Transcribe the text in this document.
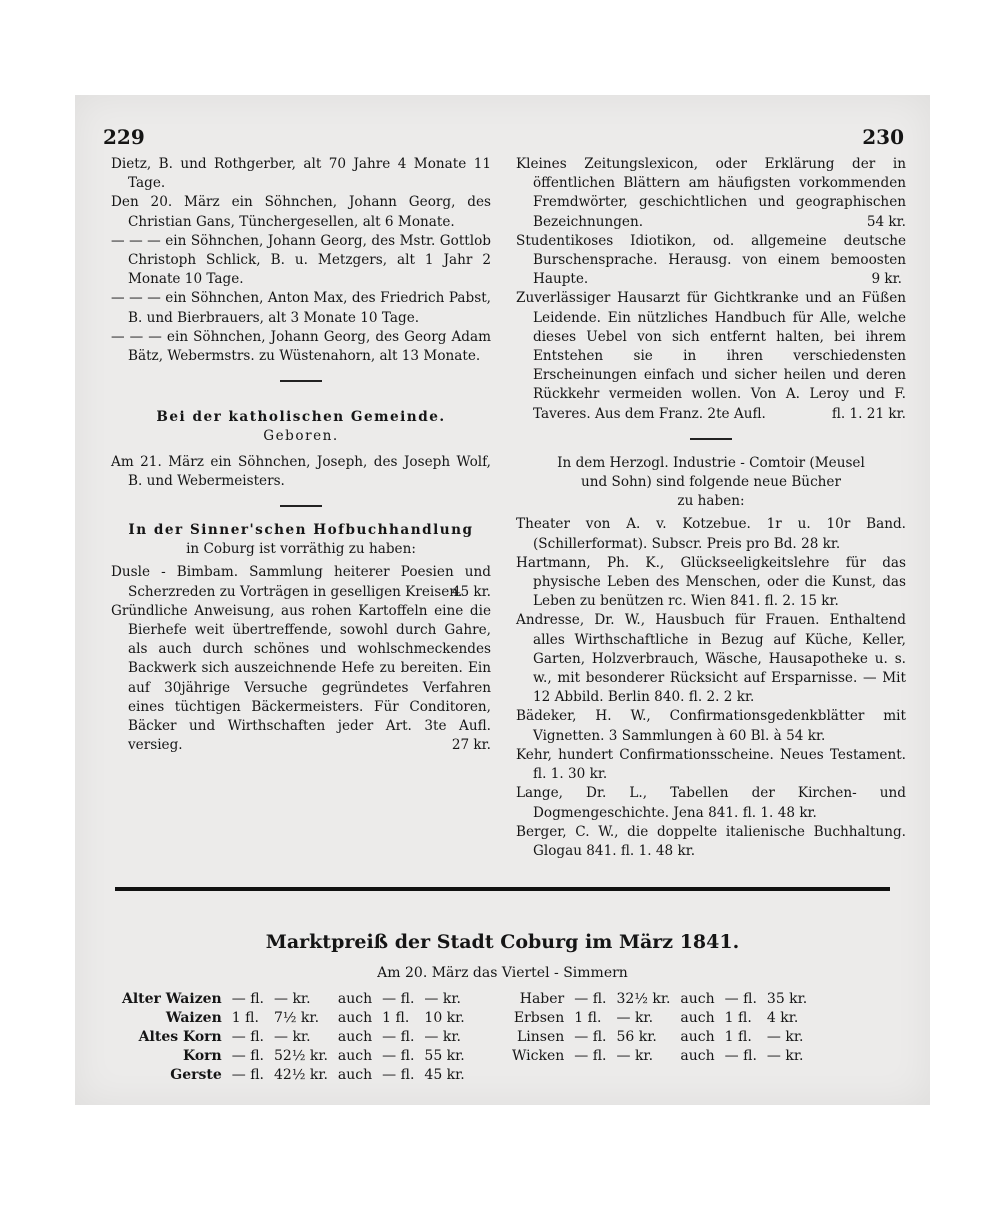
229	230

Dietz, B. und Rothgerber, alt 70 Jahre 4 Monate 11 Tage.

Den 20. März ein Söhnchen, Johann Georg, des Christian Gans, Tünchergesellen, alt 6 Monate.

— — — ein Söhnchen, Johann Georg, des Mstr. Gottlob Christoph Schlick, B. u. Metzgers, alt 1 Jahr 2 Monate 10 Tage.

— — — ein Söhnchen, Anton Max, des Friedrich Pabst, B. und Bierbrauers, alt 3 Monate 10 Tage.

— — — ein Söhnchen, Johann Georg, des Georg Adam Bätz, Webermstrs. zu Wüstenahorn, alt 13 Monate.

Bei der katholischen Gemeinde.

Geboren.

Am 21. März ein Söhnchen, Joseph, des Joseph Wolf, B. und Webermeisters.

In der Sinner'schen Hofbuchhandlung

in Coburg ist vorräthig zu haben:

Dusle - Bimbam. Sammlung heiterer Poesien und Scherzreden zu Vorträgen in geselligen Kreisen.
45 kr.

Gründliche Anweisung, aus rohen Kartoffeln eine die Bierhefe weit übertreffende, sowohl durch Gahre, als auch durch schönes und wohlschmeckendes Backwerk sich auszeichnende Hefe zu bereiten. Ein auf 30jährige Versuche gegründetes Verfahren eines tüchtigen Bäckermeisters. Für Conditoren, Bäcker und Wirthschaften jeder Art. 3te Aufl. versieg.	27 kr.

Kleines Zeitungslexicon, oder Erklärung der in öffentlichen Blättern am häufigsten vorkommenden Fremdwörter, geschichtlichen und geographischen Bezeichnungen.	54 kr.

Studentikoses Idiotikon, od. allgemeine deutsche Burschensprache. Herausg. von einem bemoosten Haupte.	9 kr.

Zuverlässiger Hausarzt für Gichtkranke und an Füßen Leidende. Ein nützliches Handbuch für Alle, welche dieses Uebel von sich entfernt halten, bei ihrem Entstehen sie in ihren verschiedensten Erscheinungen einfach und sicher heilen und deren Rückkehr vermeiden wollen. Von A. Leroy und F. Taveres. Aus dem Franz. 2te Aufl.	fl. 1. 21 kr.

In dem Herzogl. Industrie - Comtoir (Meusel

und Sohn) sind folgende neue Bücher

zu haben:

Theater von A. v. Kotzebue. 1r u. 10r Band. (Schillerformat). Subscr. Preis pro Bd. 28 kr.

Hartmann, Ph. K., Glückseeligkeitslehre für das physische Leben des Menschen, oder die Kunst, das Leben zu benützen rc. Wien 841. fl. 2. 15 kr.

Andresse, Dr. W., Hausbuch für Frauen. Enthaltend alles Wirthschaftliche in Bezug auf Küche, Keller, Garten, Holzverbrauch, Wäsche, Hausapotheke u. s. w., mit besonderer Rücksicht auf Ersparnisse. — Mit 12 Abbild. Berlin 840. fl. 2. 2 kr.

Bädeker, H. W., Confirmationsgedenkblätter mit Vignetten. 3 Sammlungen à 60 Bl. à 54 kr.

Kehr, hundert Confirmationsscheine. Neues Testament. fl. 1. 30 kr.

Lange, Dr. L., Tabellen der Kirchen- und Dogmengeschichte. Jena 841. fl. 1. 48 kr.

Berger, C. W., die doppelte italienische Buchhaltung. Glogau 841. fl. 1. 48 kr.

Marktpreiß der Stadt Coburg im März 1841.
Am 20. März das Viertel - Simmern
Alter Waizen	— fl.	— kr.	auch	— fl.	— kr.
Waizen	1 fl.	7½ kr.	auch	1 fl.	10 kr.
Altes Korn	— fl.	— kr.	auch	— fl.	— kr.
Korn	— fl.	52½ kr.	auch	— fl.	55 kr.
Gerste	— fl.	42½ kr.	auch	— fl.	45 kr.
Haber	— fl.	32½ kr.	auch	— fl.	35 kr.
Erbsen	1 fl.	— kr.	auch	1 fl.	4 kr.
Linsen	— fl.	56 kr.	auch	1 fl.	— kr.
Wicken	— fl.	— kr.	auch	— fl.	— kr.
